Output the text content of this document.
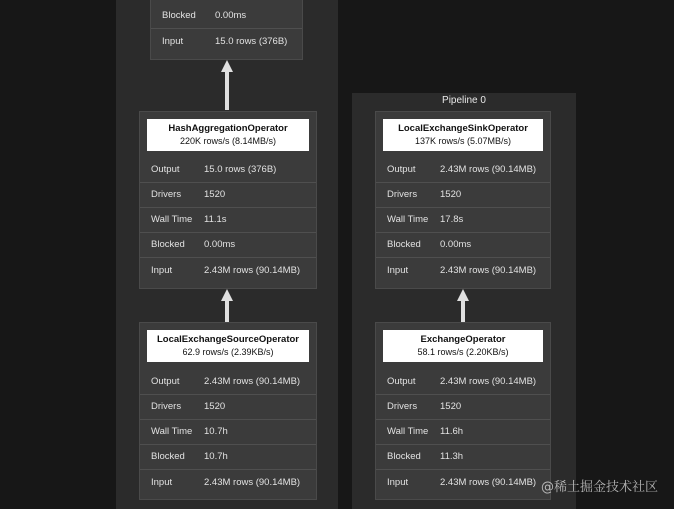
Blocked 0.00ms
Input	15.0 rows (376B)
HashAggregationOperator
220K rows/s (8.14MB/s)
Output	15.0 rows (376B)
Drivers 1520
Wall Time 11.1s
Blocked 0.00ms
Input	2.43M rows (90.14MB)
LocalExchangeSourceOperator
62.9 rows/s (2.39KB/s)
Output	2.43M rows (90.14MB)
Drivers 1520
Wall Time 10.7h
Blocked 10.7h
Input	2.43M rows (90.14MB)
Pipeline 0
LocalExchangeSinkOperator
137K rows/s (5.07MB/s)
Output	2.43M rows (90.14MB)
Drivers 1520
Wall Time 17.8s
Blocked 0.00ms
Input	2.43M rows (90.14MB)
ExchangeOperator
58.1 rows/s (2.20KB/s)
Output	2.43M rows (90.14MB)
Drivers 1520
Wall Time 11.6h
Blocked 11.3h
Input	2.43M rows (90.14MB) @稀土掘金技术社区
